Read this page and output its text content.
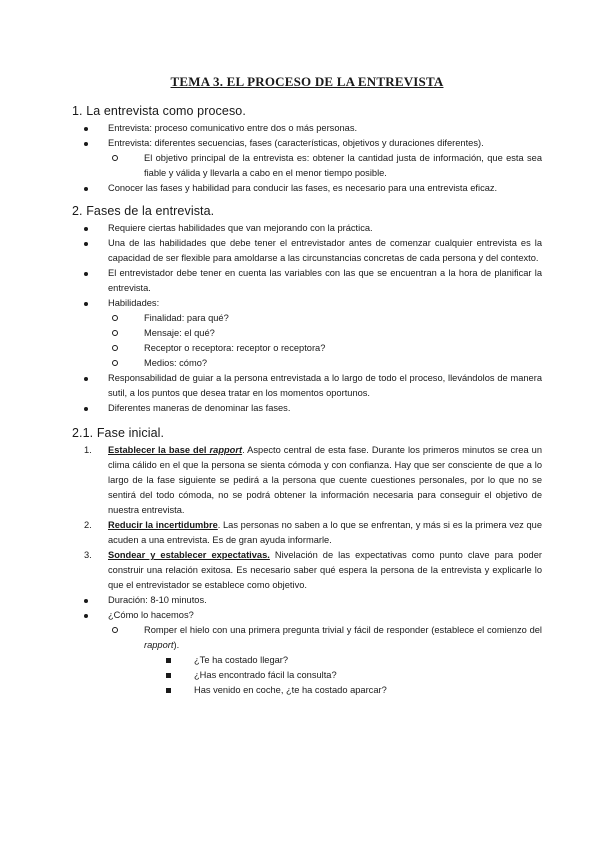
TEMA 3. EL PROCESO DE LA ENTREVISTA
1. La entrevista como proceso.
Entrevista: proceso comunicativo entre dos o más personas.
Entrevista: diferentes secuencias, fases (características, objetivos y duraciones diferentes).
El objetivo principal de la entrevista es: obtener la cantidad justa de información, que esta sea fiable y válida y llevarla a cabo en el menor tiempo posible.
Conocer las fases y habilidad para conducir las fases, es necesario para una entrevista eficaz.
2. Fases de la entrevista.
Requiere ciertas habilidades que van mejorando con la práctica.
Una de las habilidades que debe tener el entrevistador antes de comenzar cualquier entrevista es la capacidad de ser flexible para amoldarse a las circunstancias concretas de cada persona y del contexto.
El entrevistador debe tener en cuenta las variables con las que se encuentran a la hora de planificar la entrevista.
Habilidades:
Finalidad: para qué?
Mensaje: el qué?
Receptor o receptora: receptor o receptora?
Medios: cómo?
Responsabilidad de guiar a la persona entrevistada a lo largo de todo el proceso, llevándolos de manera sutil, a los puntos que desea tratar en los momentos oportunos.
Diferentes maneras de denominar las fases.
2.1. Fase inicial.
1.	Establecer la base del rapport. Aspecto central de esta fase. Durante los primeros minutos se crea un clima cálido en el que la persona se sienta cómoda y con confianza. Hay que ser consciente de que a lo largo de la fase siguiente se pedirá a la persona que cuente cuestiones personales, por lo que no se sentirá del todo cómoda, no se podrá obtener la información necesaria para conseguir el objetivo de nuestra entrevista.
2.	Reducir la incertidumbre. Las personas no saben a lo que se enfrentan, y más si es la primera vez que acuden a una entrevista. Es de gran ayuda informarle.
3.	Sondear y establecer expectativas. Nivelación de las expectativas como punto clave para poder construir una relación exitosa. Es necesario saber qué espera la persona de la entrevista y explicarle lo que el entrevistador se establece como objetivo.
Duración: 8-10 minutos.
¿Cómo lo hacemos?
Romper el hielo con una primera pregunta trivial y fácil de responder (establece el comienzo del rapport).
¿Te ha costado llegar?
¿Has encontrado fácil la consulta?
Has venido en coche, ¿te ha costado aparcar?
